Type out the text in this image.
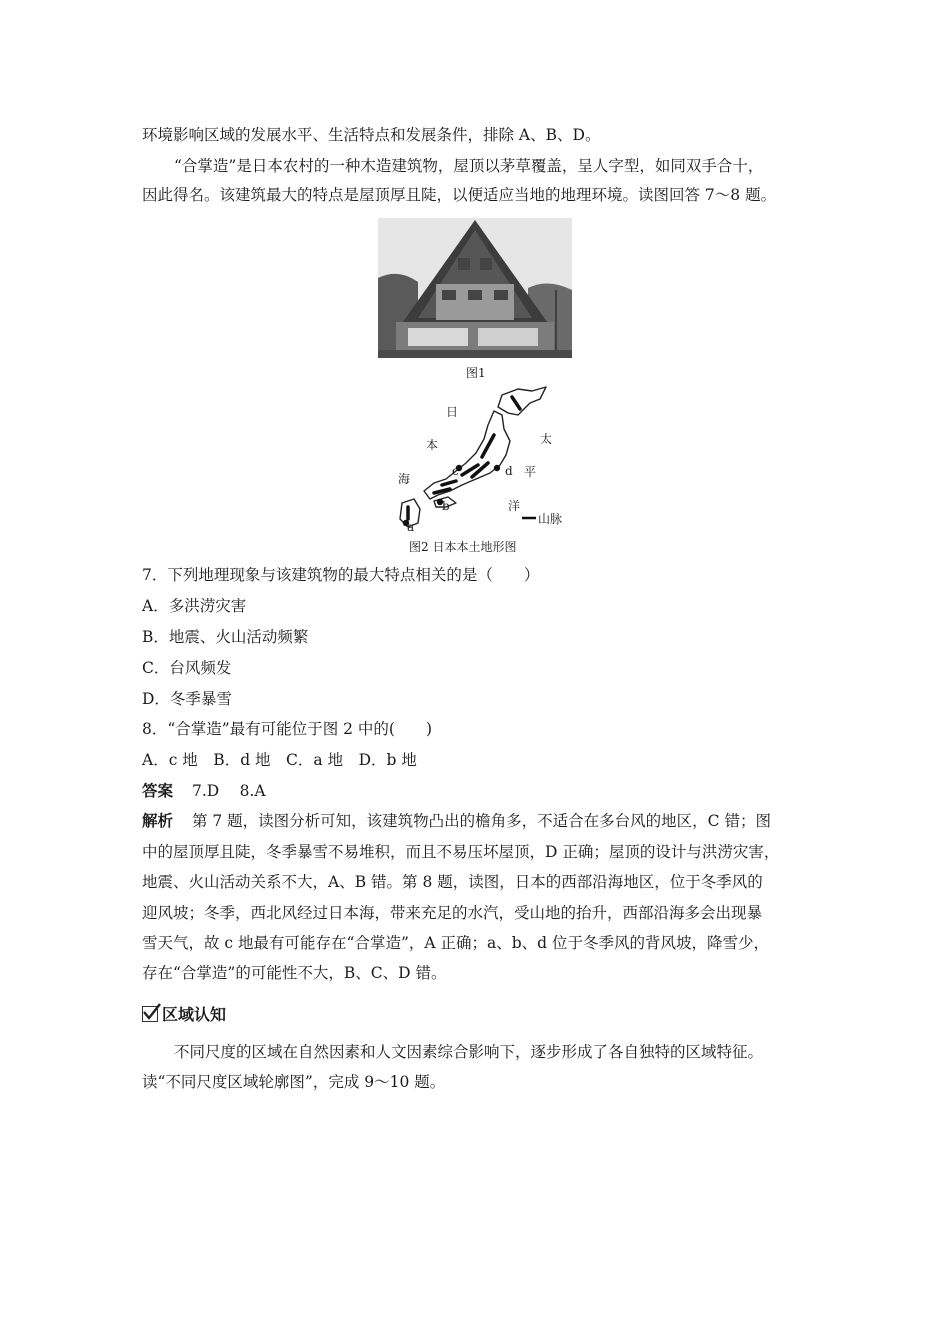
环境影响区域的发展水平、生活特点和发展条件，排除 A、B、D。
“合掌造”是日本农村的一种木造建筑物，屋顶以茅草覆盖，呈人字型，如同双手合十，
因此得名。该建筑最大的特点是屋顶厚且陡，以便适应当地的地理环境。读图回答 7～8 题。
图1
日
本
海
太
平
洋
c	d
b
a
山脉
图2 日本本土地形图
7．下列地理现象与该建筑物的最大特点相关的是（　　）
A．多洪涝灾害
B．地震、火山活动频繁
C．台风频发
D．冬季暴雪
8．“合掌造”最有可能位于图 2 中的(　　)
A．c 地　B．d 地　C．a 地　D．b 地
答案 7.D　 8.A
解析 第 7 题，读图分析可知，该建筑物凸出的檐角多，不适合在多台风的地区，C 错；图
中的屋顶厚且陡，冬季暴雪不易堆积，而且不易压坏屋顶，D 正确；屋顶的设计与洪涝灾害，
地震、火山活动关系不大，A、B 错。第 8 题，读图，日本的西部沿海地区，位于冬季风的
迎风坡；冬季，西北风经过日本海，带来充足的水汽，受山地的抬升，西部沿海多会出现暴
雪天气，故 c 地最有可能存在“合掌造”，A 正确；a、b、d 位于冬季风的背风坡，降雪少，
存在“合掌造”的可能性不大，B、C、D 错。
区域认知
不同尺度的区域在自然因素和人文因素综合影响下，逐步形成了各自独特的区域特征。
读“不同尺度区域轮廓图”，完成 9～10 题。
